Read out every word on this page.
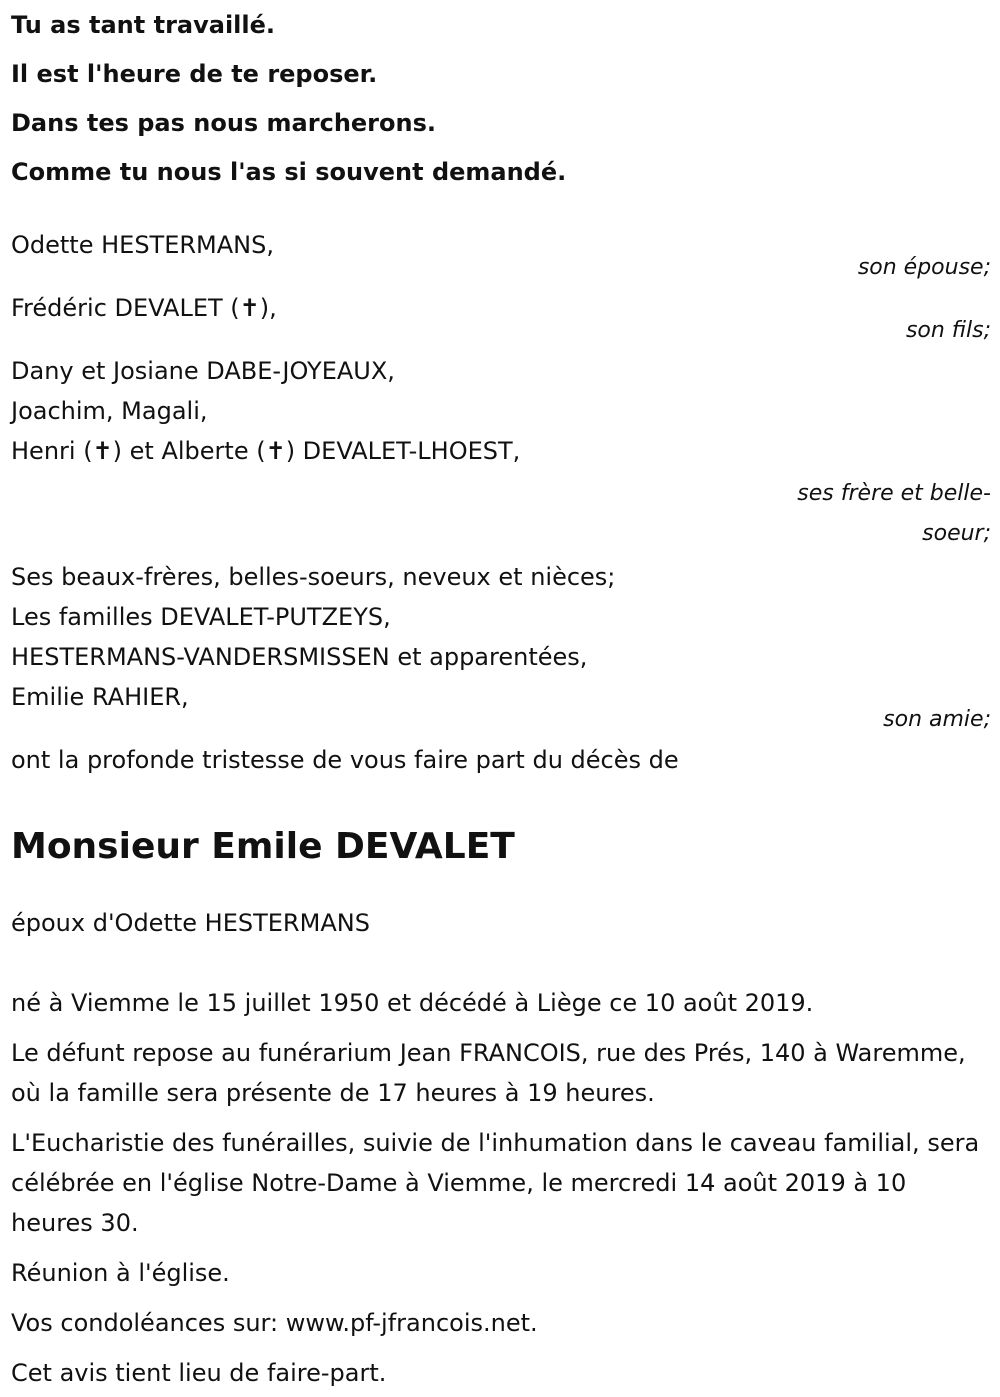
Tu as tant travaillé.
Il est l'heure de te reposer.
Dans tes pas nous marcherons.
Comme tu nous l'as si souvent demandé.
Odette HESTERMANS,
son épouse;
Frédéric DEVALET (✝),
son fils;
Dany et Josiane DABE-JOYEAUX,
Joachim, Magali,
Henri (✝) et Alberte (✝) DEVALET-LHOEST,
ses frère et belle-
soeur;
Ses beaux-frères, belles-soeurs, neveux et nièces;
Les familles DEVALET-PUTZEYS,
HESTERMANS-VANDERSMISSEN et apparentées,
Emilie RAHIER,
son amie;
ont la profonde tristesse de vous faire part du décès de
Monsieur Emile DEVALET
époux d'Odette HESTERMANS
né à Viemme le 15 juillet 1950 et décédé à Liège ce 10 août 2019.
Le défunt repose au funérarium Jean FRANCOIS, rue des Prés, 140 à Waremme, où la famille sera présente de 17 heures à 19 heures.
L'Eucharistie des funérailles, suivie de l'inhumation dans le caveau familial, sera célébrée en l'église Notre-Dame à Viemme, le mercredi 14 août 2019 à 10 heures 30.
Réunion à l'église.
Vos condoléances sur: www.pf-jfrancois.net.
Cet avis tient lieu de faire-part.
